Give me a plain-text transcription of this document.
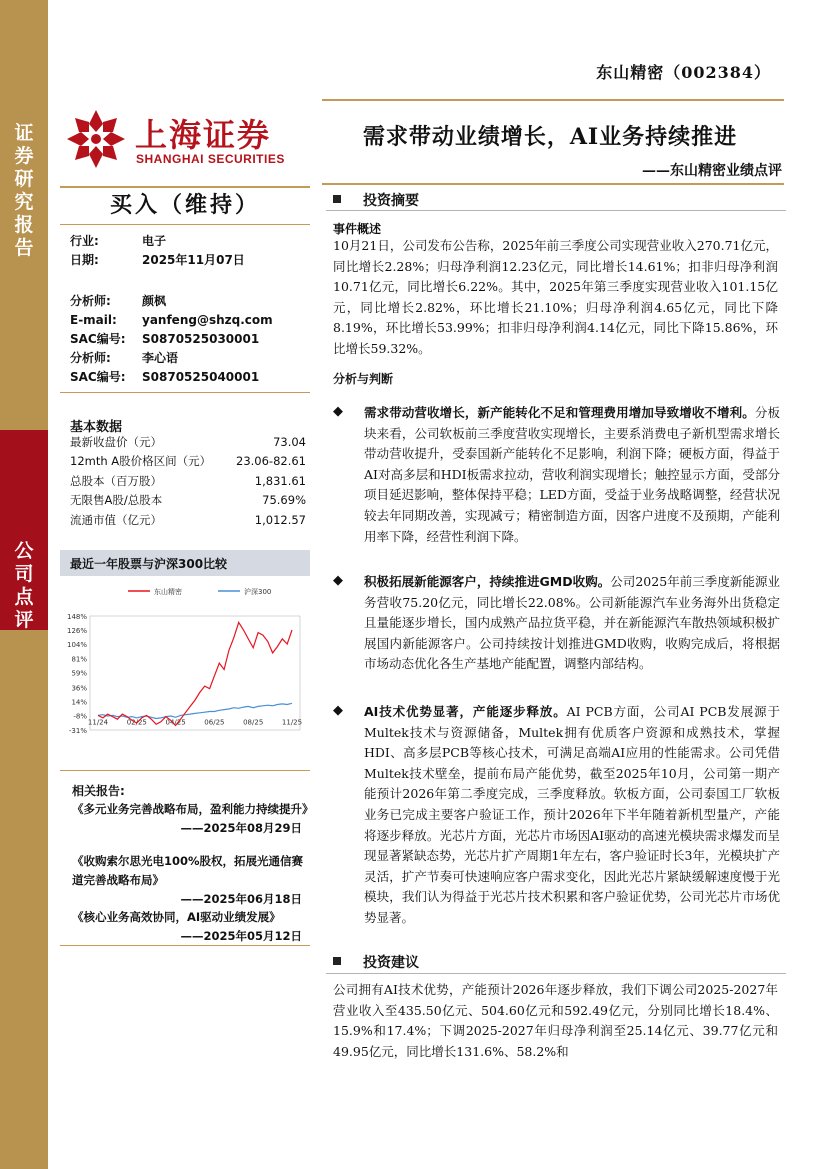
证
券
研
究
报
告
公
司
点
评
东山精密（002384）
上海证券
SHANGHAI SECURITIES
需求带动业绩增长，AI业务持续推进
——东山精密业绩点评
买入（维持）
行业:	电子
日期:	2025年11月07日
分析师:	颜枫
E-mail: yanfeng@shzq.com
SAC编号: S0870525030001
分析师:	李心语
SAC编号: S0870525040001
基本数据
最新收盘价（元）	73.04
12mth A股价格区间（元） 23.06-82.61
总股本（百万股）	1,831.61
无限售A股/总股本	75.69%
流通市值（亿元）	1,012.57
最近一年股票与沪深300比较
148%
126%
104%
81%
59%
36%
14%
-8%
-31%
11/24	02/25	04/25	06/25	08/25	11/25
东山精密	沪深300
相关报告:
《多元业务完善战略布局，盈利能力持续提升》
——2025年08月29日
《收购索尔思光电100%股权，拓展光通信赛道完善战略布局》
——2025年06月18日
《核心业务高效协同，AI驱动业绩发展》
——2025年05月12日
投资摘要
事件概述
10月21日，公司发布公告称，2025年前三季度公司实现营业收入270.71亿元，同比增长2.28%；归母净利润12.23亿元，同比增长14.61%；扣非归母净利润10.71亿元，同比增长6.22%。其中，2025年第三季度实现营业收入101.15亿元，同比增长2.82%，环比增长21.10%；归母净利润4.65亿元，同比下降8.19%，环比增长53.99%；扣非归母净利润4.14亿元，同比下降15.86%，环比增长59.32%。
分析与判断
◆ 需求带动营收增长，新产能转化不足和管理费用增加导致增收不增利。分板块来看，公司软板前三季度营收实现增长，主要系消费电子新机型需求增长带动营收提升，受泰国新产能转化不足影响，利润下降；硬板方面，得益于AI对高多层和HDI板需求拉动，营收利润实现增长；触控显示方面，受部分项目延迟影响，整体保持平稳；LED方面，受益于业务战略调整，经营状况较去年同期改善，实现减亏；精密制造方面，因客户进度不及预期，产能利用率下降，经营性利润下降。
◆ 积极拓展新能源客户，持续推进GMD收购。公司2025年前三季度新能源业务营收75.20亿元，同比增长22.08%。公司新能源汽车业务海外出货稳定且量能逐步增长，国内成熟产品拉货平稳，并在新能源汽车散热领域积极扩展国内新能源客户。公司持续按计划推进GMD收购，收购完成后，将根据市场动态优化各生产基地产能配置，调整内部结构。
◆ AI技术优势显著，产能逐步释放。AI PCB方面，公司AI PCB发展源于Multek技术与资源储备，Multek拥有优质客户资源和成熟技术，掌握HDI、高多层PCB等核心技术，可满足高端AI应用的性能需求。公司凭借Multek技术壁垒，提前布局产能优势，截至2025年10月，公司第一期产能预计2026年第二季度完成，三季度释放。软板方面，公司泰国工厂软板业务已完成主要客户验证工作，预计2026年下半年随着新机型量产，产能将逐步释放。光芯片方面，光芯片市场因AI驱动的高速光模块需求爆发而呈现显著紧缺态势，光芯片扩产周期1年左右，客户验证时长3年，光模块扩产灵活，扩产节奏可快速响应客户需求变化，因此光芯片紧缺缓解速度慢于光模块，我们认为得益于光芯片技术积累和客户验证优势，公司光芯片市场优势显著。
投资建议
公司拥有AI技术优势，产能预计2026年逐步释放，我们下调公司2025-2027年营业收入至435.50亿元、504.60亿元和592.49亿元，分别同比增长18.4%、15.9%和17.4%；下调2025-2027年归母净利润至25.14亿元、39.77亿元和49.95亿元，同比增长131.6%、58.2%和
